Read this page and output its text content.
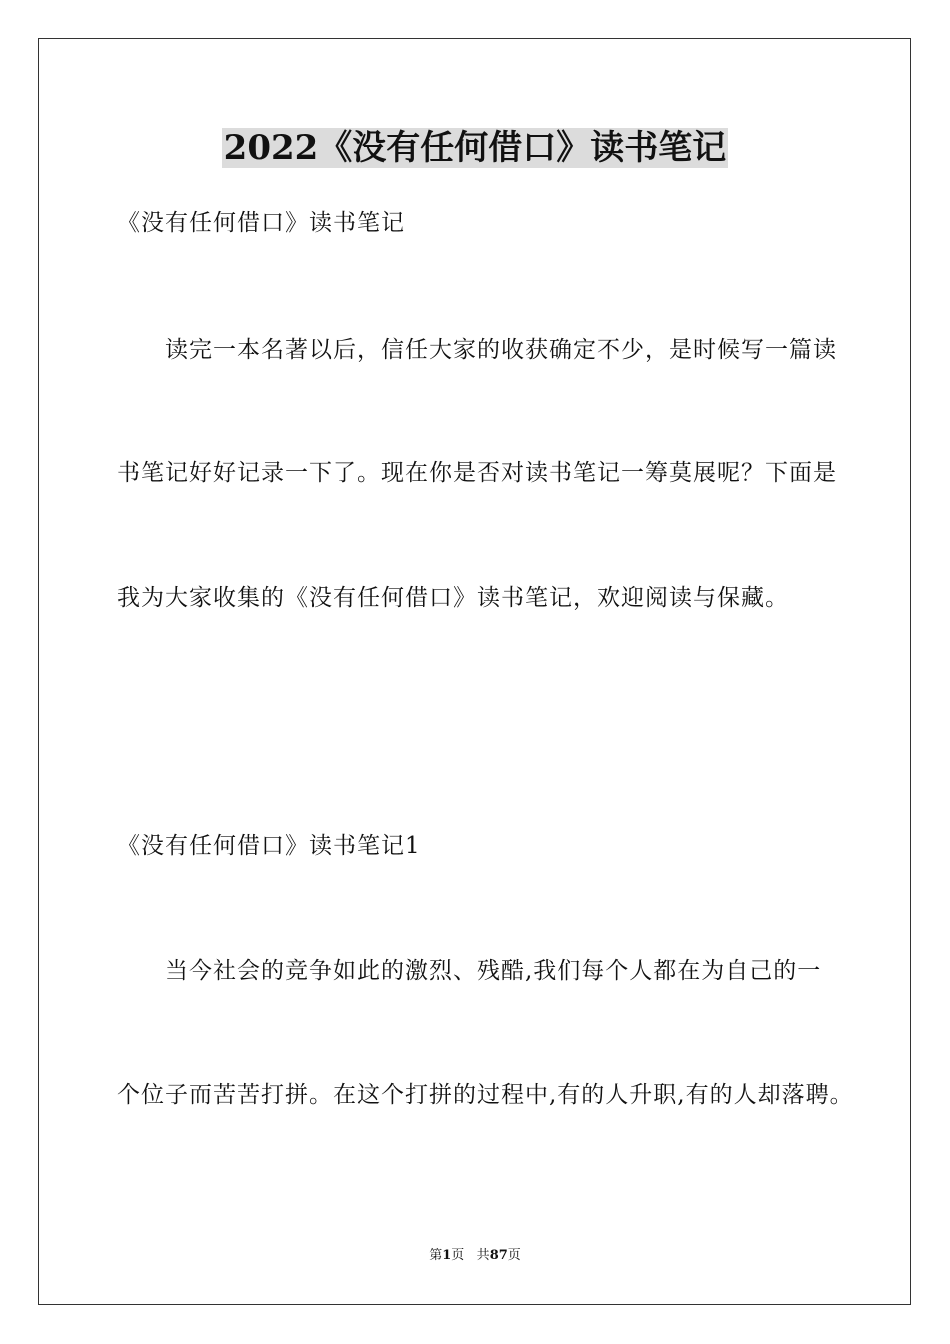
2022《没有任何借口》读书笔记
《没有任何借口》读书笔记
读完一本名著以后，信任大家的收获确定不少，是时候写一篇读
书笔记好好记录一下了。现在你是否对读书笔记一筹莫展呢？下面是
我为大家收集的《没有任何借口》读书笔记，欢迎阅读与保藏。
《没有任何借口》读书笔记1
当今社会的竞争如此的激烈、残酷,我们每个人都在为自己的一
个位子而苦苦打拼。在这个打拼的过程中,有的人升职,有的人却落聘。
第1页 共87页
